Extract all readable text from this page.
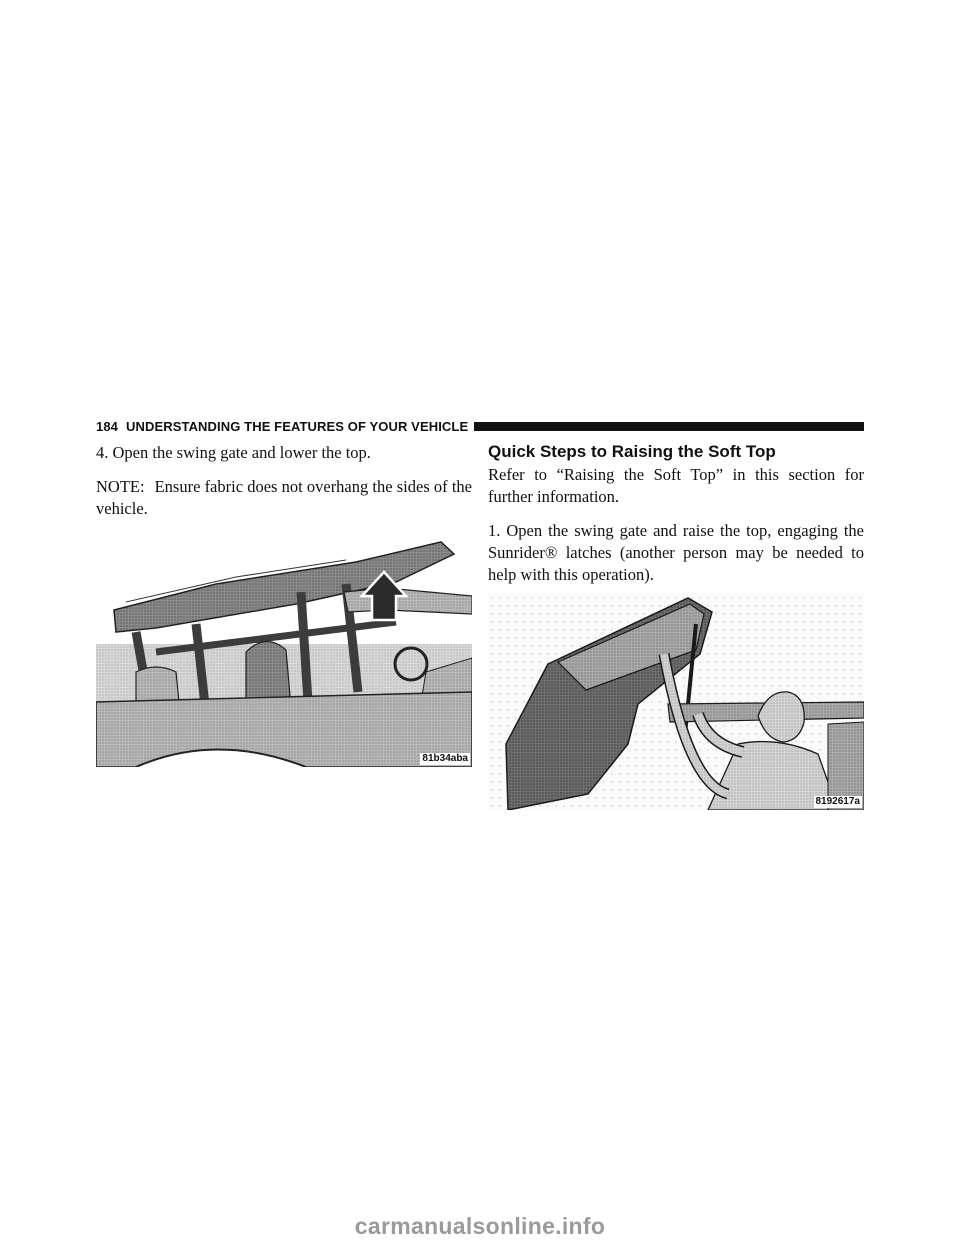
184 UNDERSTANDING THE FEATURES OF YOUR VEHICLE

4. Open the swing gate and lower the top.

NOTE: Ensure fabric does not overhang the sides of the vehicle.

81b34aba
Quick Steps to Raising the Soft Top

Refer to “Raising the Soft Top” in this section for further information.

1. Open the swing gate and raise the top, engaging the Sunrider® latches (another person may be needed to help with this operation).

8192617a
carmanualsonline.info
